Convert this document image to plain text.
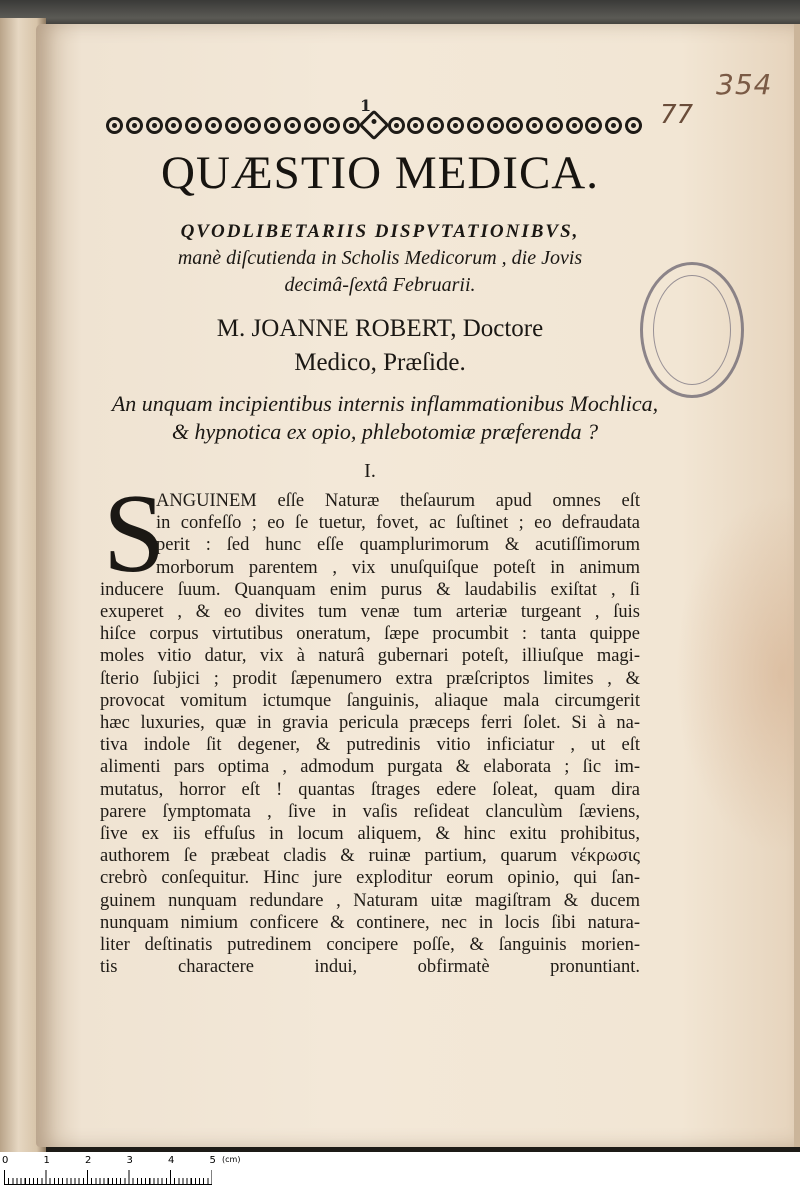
354
77
1
QUÆSTIO MEDICA.
QVODLIBETARIIS DISPVTATIONIBVS,
manè diſcutienda in Scholis Medicorum , die Jovis
decimâ-ſextâ Februarii.
M. JOANNE ROBERT, Doctore
Medico, Præſide.
An unquam incipientibus internis inflammationibus Mochlica,
& hypnotica ex opio, phlebotomiæ præferenda ?
I.
S
ANGUINEM eſſe Naturæ theſaurum apud omnes eſt
in confeſſo ; eo ſe tuetur, fovet, ac ſuſtinet ; eo defraudata
perit : ſed hunc eſſe quamplurimorum & acutiſſimorum
morborum parentem , vix unuſquiſque poteſt in animum
inducere ſuum. Quanquam enim purus & laudabilis exiſtat , ſi
exuperet , & eo divites tum venæ tum arteriæ turgeant , ſuis
hiſce corpus virtutibus oneratum, ſæpe procumbit : tanta quippe
moles vitio datur, vix à naturâ gubernari poteſt, illiuſque magi-
ſterio ſubjici ; prodit ſæpenumero extra præſcriptos limites , &
provocat vomitum ictumque ſanguinis, aliaque mala circumgerit
hæc luxuries, quæ in gravia pericula præceps ferri ſolet. Si à na-
tiva indole ſit degener, & putredinis vitio inficiatur , ut eſt
alimenti pars optima , admodum purgata & elaborata ; ſic im-
mutatus, horror eſt ! quantas ſtrages edere ſoleat, quam dira
parere ſymptomata , ſive in vaſis reſideat clanculùm ſæviens,
ſive ex iis effuſus in locum aliquem, & hinc exitu prohibitus,
authorem ſe præbeat cladis & ruinæ partium, quarum νέκρωσις
crebrò conſequitur. Hinc jure exploditur eorum opinio, qui ſan-
guinem nunquam redundare , Naturam uitæ magiſtram & ducem
nunquam nimium conficere & continere, nec in locis ſibi natura-
liter deſtinatis putredinem concipere poſſe, & ſanguinis morien-
tis charactere indui, obfirmatè pronuntiant.
0	1	2	3	4	5 (cm)
